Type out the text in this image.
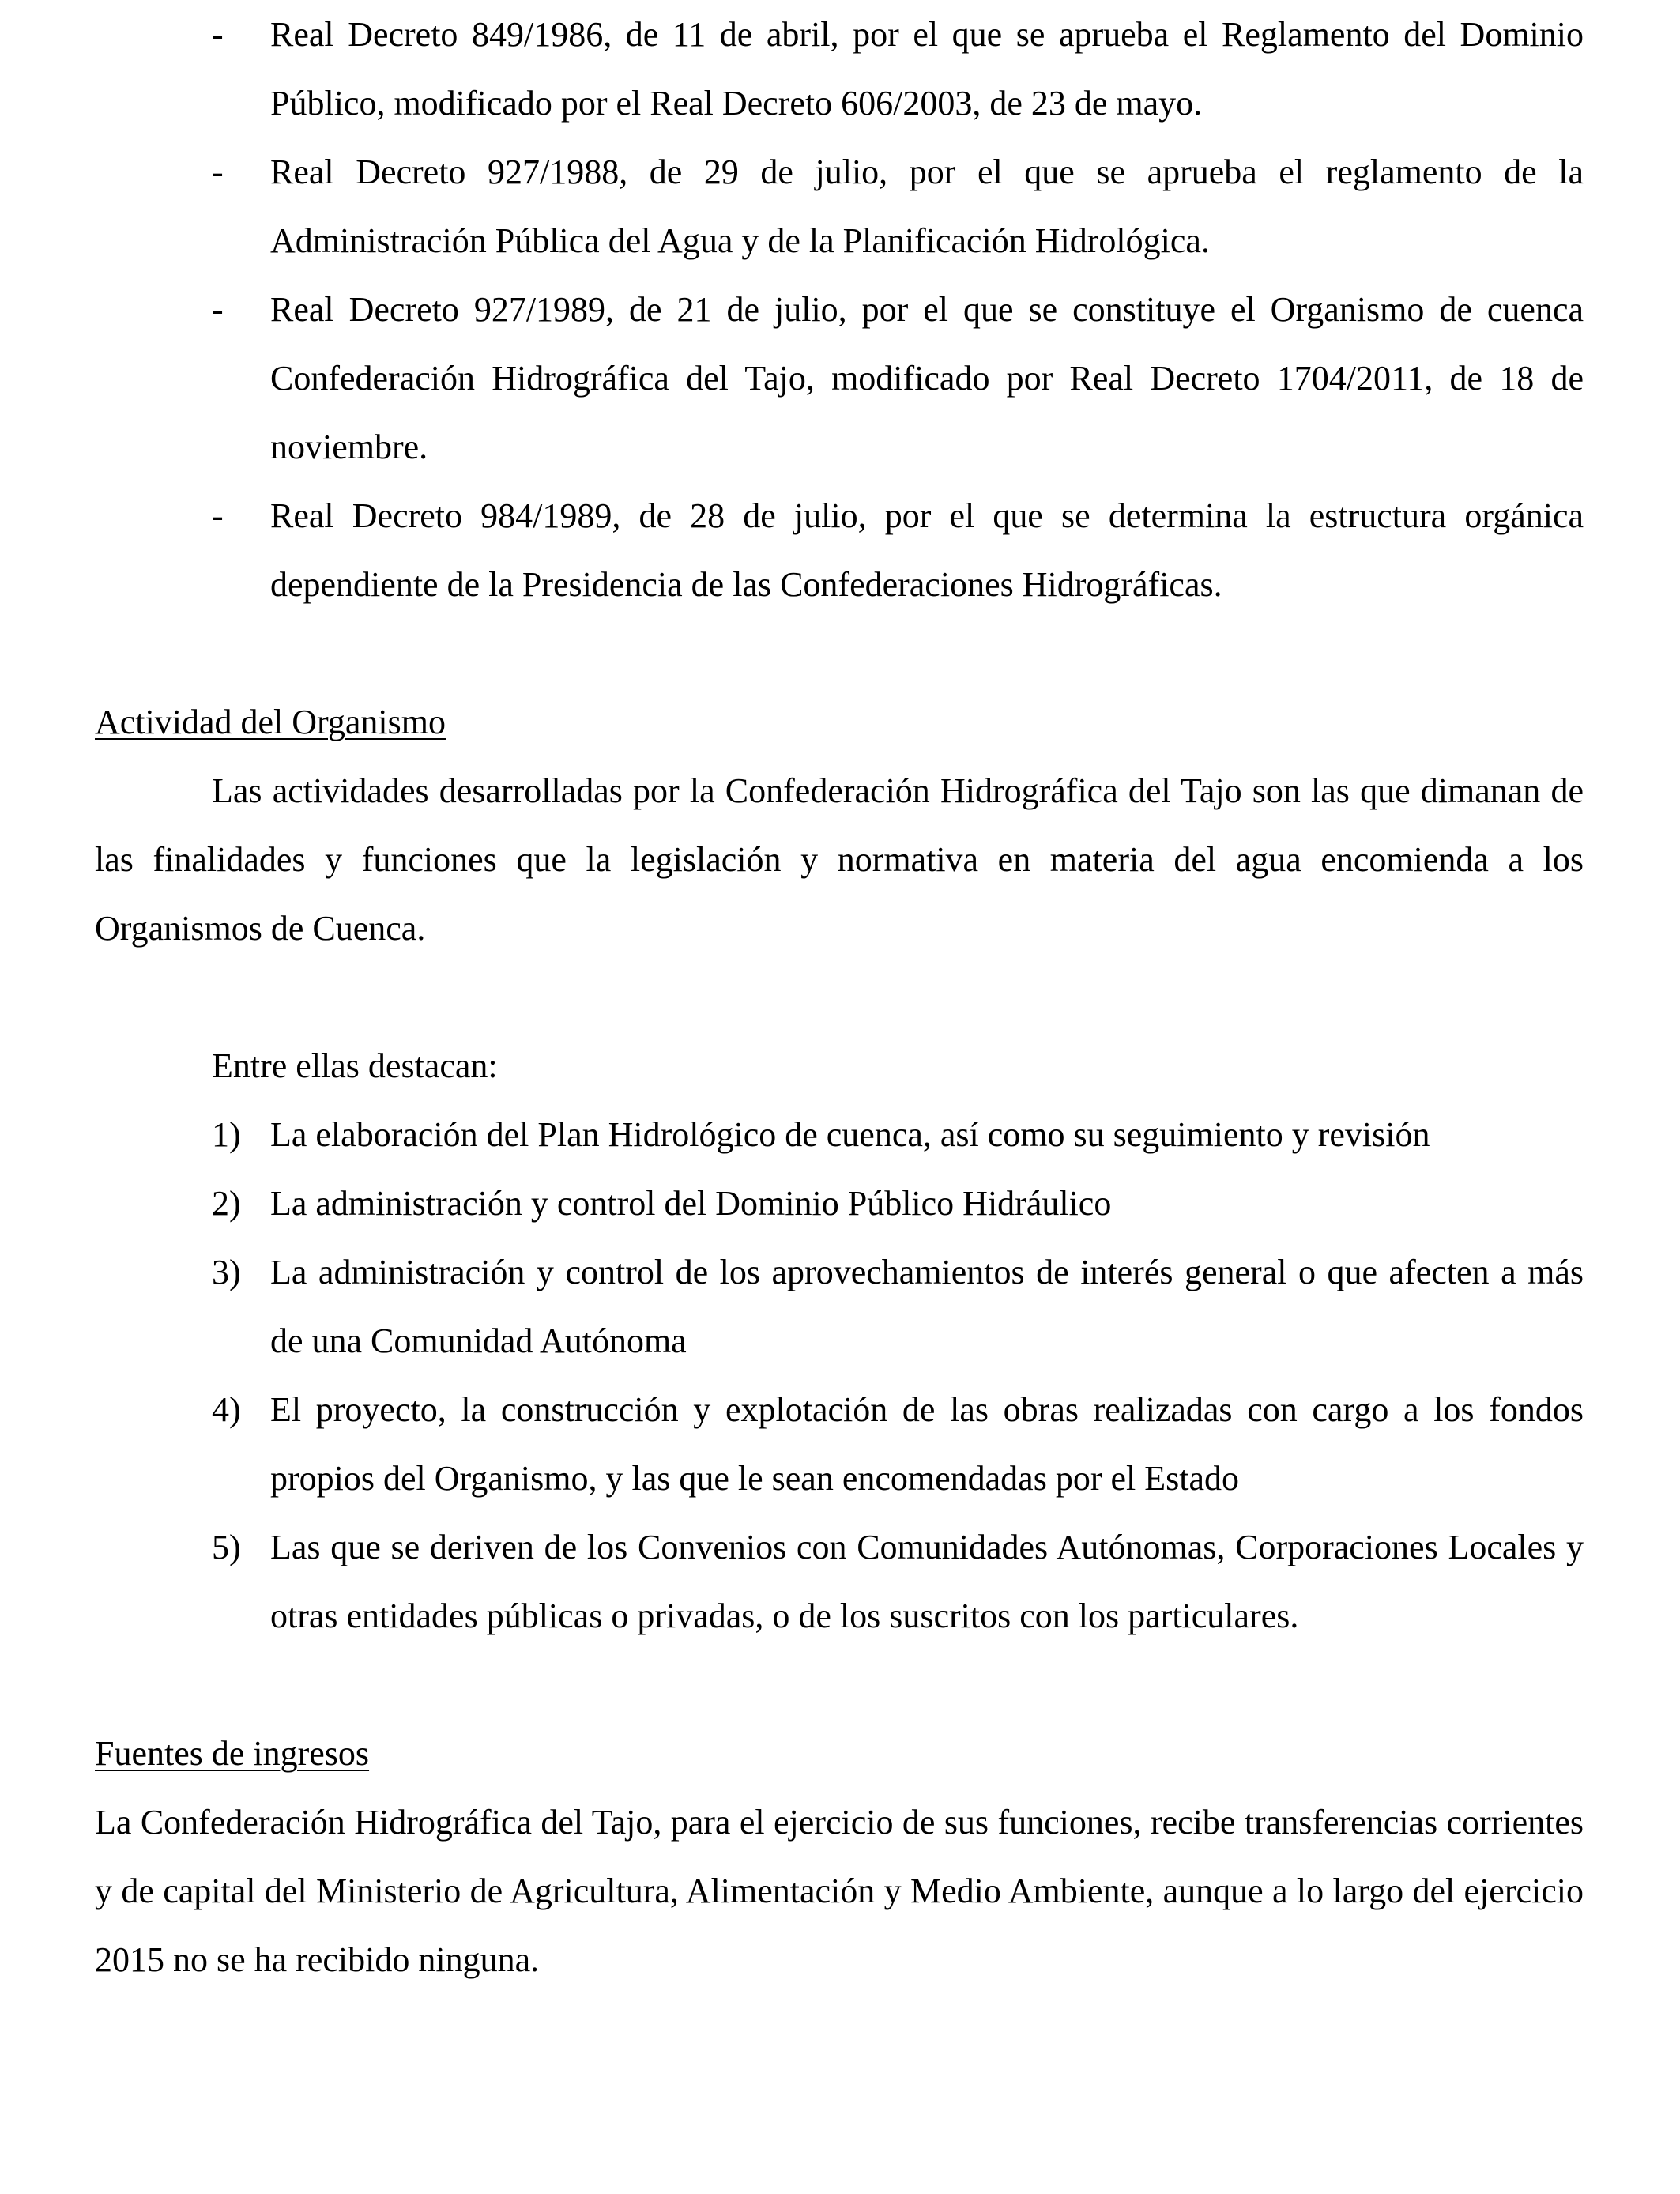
- Real Decreto 849/1986, de 11 de abril, por el que se aprueba el Reglamento del Dominio Público, modificado por el Real Decreto 606/2003, de 23 de mayo.
- Real Decreto 927/1988, de 29 de julio, por el que se aprueba el reglamento de la Administración Pública del Agua y de la Planificación Hidrológica.
- Real Decreto 927/1989, de 21 de julio, por el que se constituye el Organismo de cuenca Confederación Hidrográfica del Tajo, modificado por Real Decreto 1704/2011, de 18 de noviembre.
- Real Decreto 984/1989, de 28 de julio, por el que se determina la estructura orgánica dependiente de la Presidencia de las Confederaciones Hidrográficas.
Actividad del Organismo
Las actividades desarrolladas por la Confederación Hidrográfica del Tajo son las que dimanan de las finalidades y funciones que la legislación y normativa en materia del agua encomienda a los Organismos de Cuenca.
Entre ellas destacan:
1) La elaboración del Plan Hidrológico de cuenca, así como su seguimiento y revisión
2) La administración y control del Dominio Público Hidráulico
3) La administración y control de los aprovechamientos de interés general o que afecten a más de una Comunidad Autónoma
4) El proyecto, la construcción y explotación de las obras realizadas con cargo a los fondos propios del Organismo, y las que le sean encomendadas por el Estado
5) Las que se deriven de los Convenios con Comunidades Autónomas, Corporaciones Locales y otras entidades públicas o privadas, o de los suscritos con los particulares.
Fuentes de ingresos
La Confederación Hidrográfica del Tajo, para el ejercicio de sus funciones, recibe transferencias corrientes y de capital del Ministerio de Agricultura, Alimentación y Medio Ambiente, aunque a lo largo del ejercicio 2015 no se ha recibido ninguna.
